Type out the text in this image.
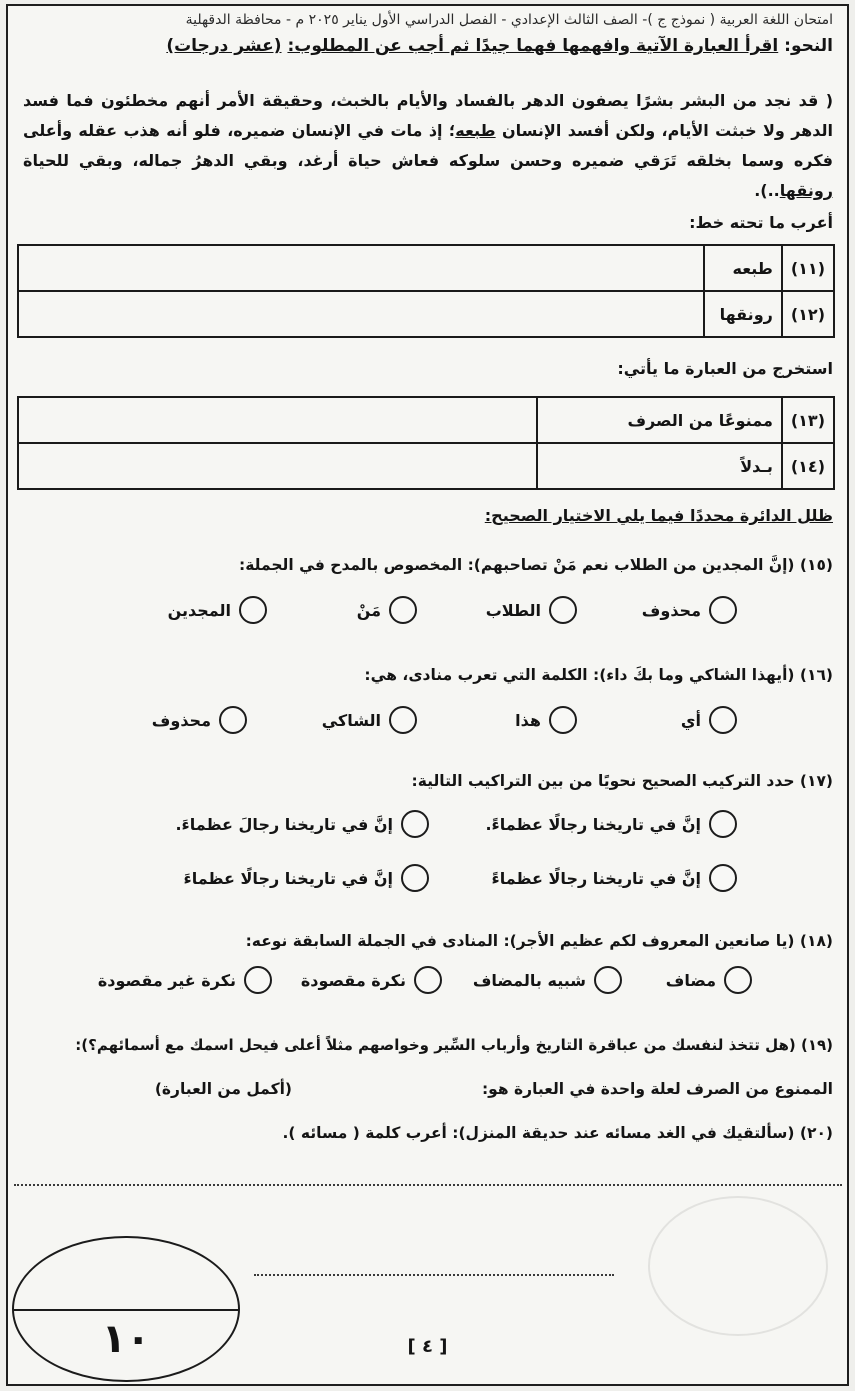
امتحان اللغة العربية ( نموذج ج )- الصف الثالث الإعدادي - الفصل الدراسي الأول يناير ٢٠٢٥ م - محافظة الدقهلية
النحو: اقرأ العبارة الآتية وافهمها فهما جيدًا ثم أجب عن المطلوب: (عشر درجات)
( قد نجد من البشر بشرًا يصفون الدهر بالفساد والأيام بالخبث، وحقيقة الأمر أنهم مخطئون فما فسد الدهر ولا خبثت الأيام، ولكن أفسد الإنسان طبعه؛ إذ مات في الإنسان ضميره، فلو أنه هذب عقله وأعلى فكره وسما بخلقه تَرَقي ضميره وحسن سلوكه فعاش حياة أرغد، وبقي الدهرُ جماله، وبقي للحياة رونقها..).
أعرب ما تحته خط:
(١١)	طبعه	
(١٢)	رونقها	
استخرج من العبارة ما يأتي:
(١٣)	ممنوعًا من الصرف	
(١٤)	بـدلاً	
ظلل الدائرة محددًا فيما يلي الاختيار الصحيح:
(١٥) (إنَّ المجدين من الطلاب نعم مَنْ تصاحبهم): المخصوص بالمدح في الجملة:
محذوف
الطلاب
مَنْ
المجدين
(١٦) (أيهذا الشاكي وما بكَ داء): الكلمة التي تعرب منادى، هي:
أي
هذا
الشاكي
محذوف
(١٧) حدد التركيب الصحيح نحويًا من بين التراكيب التالية:
إنَّ في تاريخنا رجالًا عظماءً.
إنَّ في تاريخنا رجالَ عظماءَ.
إنَّ في تاريخنا رجالًا عظماءً
إنَّ في تاريخنا رجالًا عظماءَ
(١٨) (يا صانعين المعروف لكم عظيم الأجر): المنادى في الجملة السابقة نوعه:
مضاف
شبيه بالمضاف
نكرة مقصودة
نكرة غير مقصودة
(١٩) (هل تتخذ لنفسك من عباقرة التاريخ وأرباب السِّير وخواصهم مثلاً أعلى فيحل اسمك مع أسمائهم؟):
الممنوع من الصرف لعلة واحدة في العبارة هو:
(أكمل من العبارة)
(٢٠) (سألتقيك في الغد مسائه عند حديقة المنزل): أعرب كلمة ( مسائه ).
١٠	[ ٤ ]
